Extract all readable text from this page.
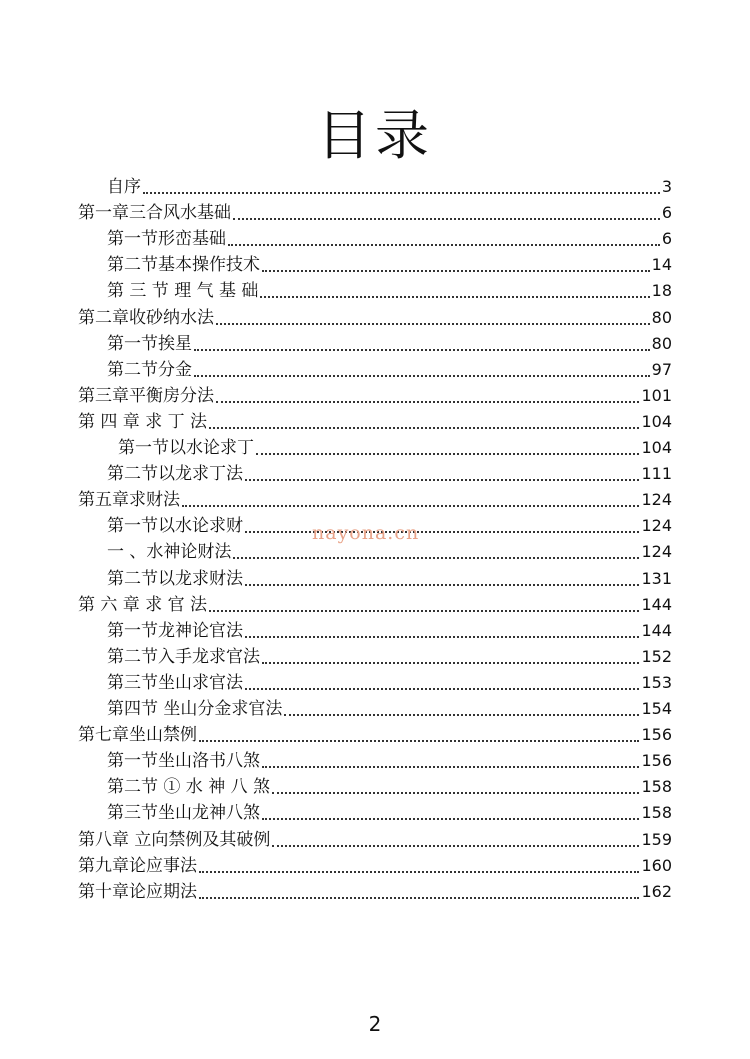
目录
自序	3
第一章三合风水基础	6
第一节形峦基础	6
第二节基本操作技术	14
第 三 节 理 气 基 础	18
第二章收砂纳水法	80
第一节挨星	80
第二节分金	97
第三章平衡房分法	101
第 四 章 求 丁 法	104
第一节以水论求丁	104
第二节以龙求丁法	111
第五章求财法	124
第一节以水论求财	124
一 、水神论财法	124
第二节以龙求财法	131
第 六 章 求 官 法	144
第一节龙神论官法	144
第二节入手龙求官法	152
第三节坐山求官法	153
第四节 坐山分金求官法	154
第七章坐山禁例	156
第一节坐山洛书八煞	156
第二节 ① 水 神 八 煞	158
第三节坐山龙神八煞	158
第八章 立向禁例及其破例	159
第九章论应事法	160
第十章论应期法	162
nayona.cn
2
